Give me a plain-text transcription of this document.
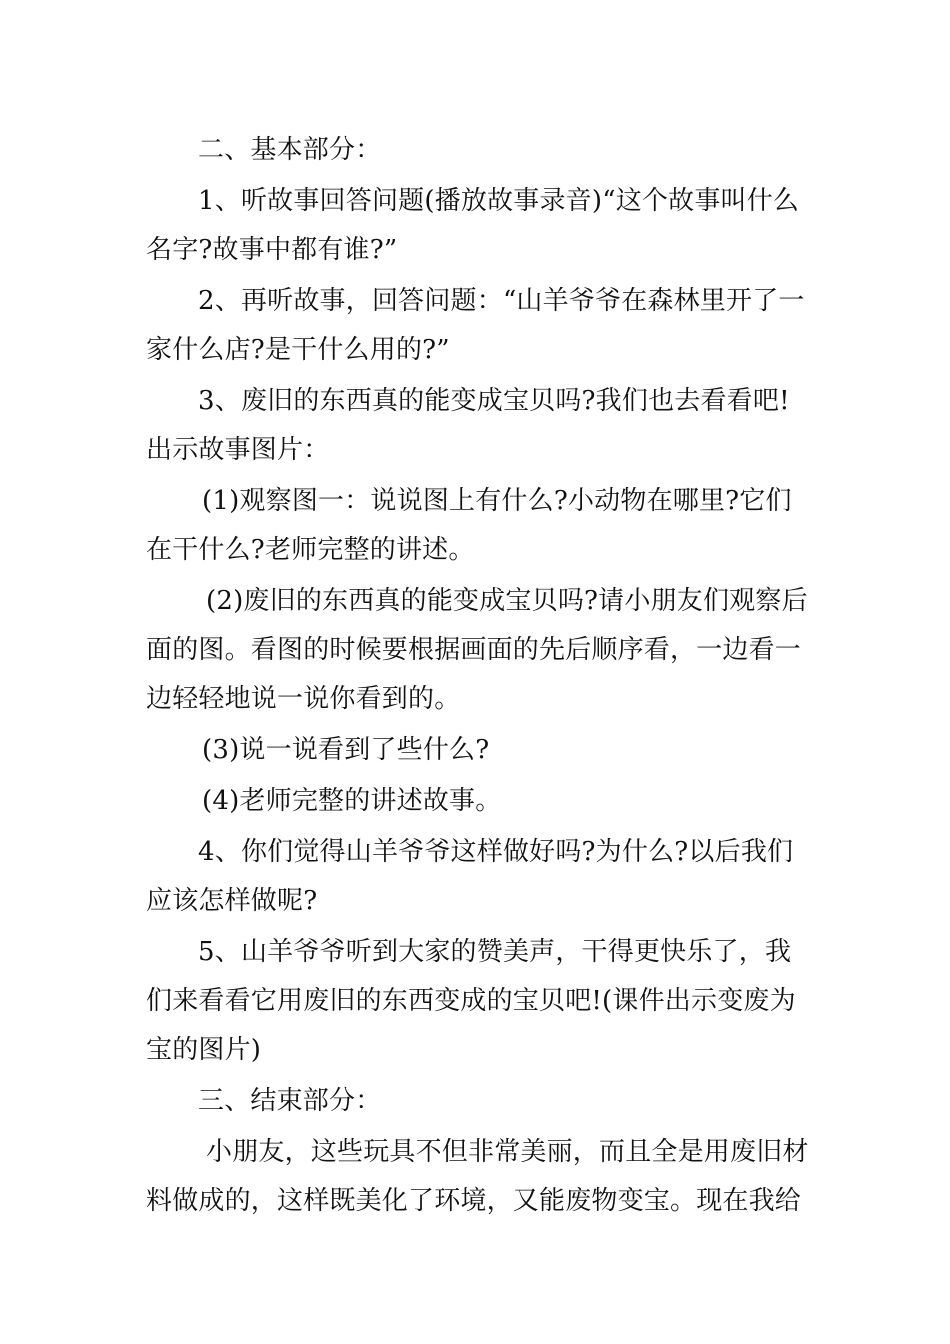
二、基本部分：

1、听故事回答问题(播放故事录音)“这个故事叫什么名字?故事中都有谁?”

2、再听故事，回答问题：“山羊爷爷在森林里开了一家什么店?是干什么用的?”

3、废旧的东西真的能变成宝贝吗?我们也去看看吧!出示故事图片：

(1)观察图一：说说图上有什么?小动物在哪里?它们在干什么?老师完整的讲述。

(2)废旧的东西真的能变成宝贝吗?请小朋友们观察后面的图。看图的时候要根据画面的先后顺序看，一边看一边轻轻地说一说你看到的。

(3)说一说看到了些什么?

(4)老师完整的讲述故事。

4、你们觉得山羊爷爷这样做好吗?为什么?以后我们应该怎样做呢?

5、山羊爷爷听到大家的赞美声，干得更快乐了，我们来看看它用废旧的东西变成的宝贝吧!(课件出示变废为宝的图片)

三、结束部分：

小朋友，这些玩具不但非常美丽，而且全是用废旧材料做成的，这样既美化了环境，又能废物变宝。现在我给
